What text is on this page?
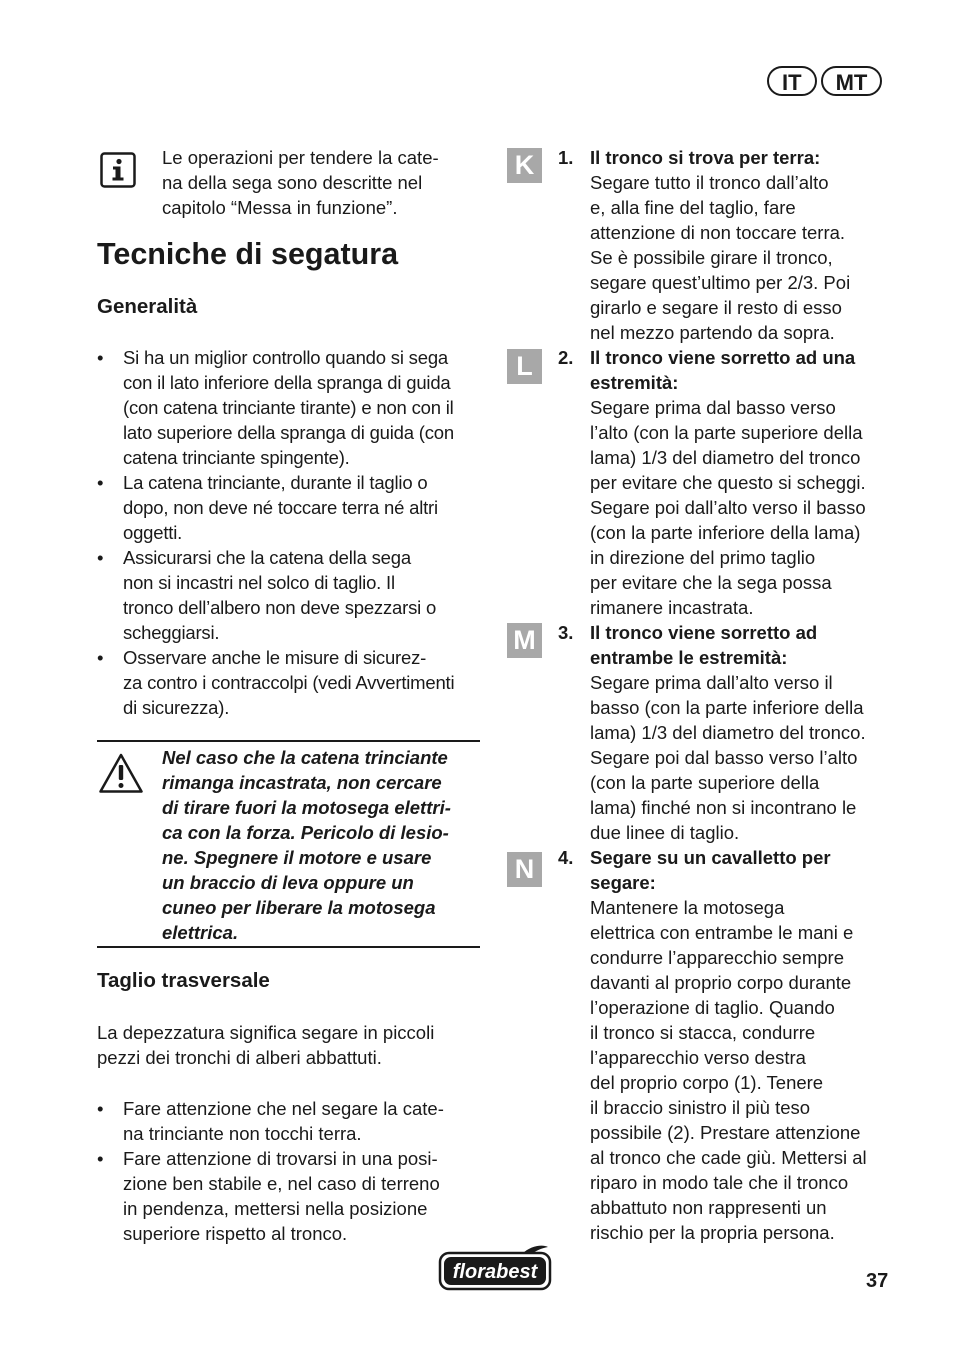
IT	MT
Le operazioni per tendere la cate-
na della sega sono descritte nel
capitolo “Messa in funzione”.
Tecniche di segatura
Generalità
• Si ha un miglior controllo quando si sega
con il lato inferiore della spranga di guida
(con catena trinciante tirante) e non con il
lato superiore della spranga di guida (con
catena trinciante spingente).
• La catena trinciante, durante il taglio o
dopo, non deve né toccare terra né altri
oggetti.
• Assicurarsi che la catena della sega
non si incastri nel solco di taglio. Il
tronco dell’albero non deve spezzarsi o
scheggiarsi.
• Osservare anche le misure di sicurez-
za contro i contraccolpi (vedi Avvertimenti
di sicurezza).
Nel caso che la catena trinciante
rimanga incastrata, non cercare
di tirare fuori la motosega elettri-
ca con la forza. Pericolo di lesio-
ne. Spegnere il motore e usare
un braccio di leva oppure un
cuneo per liberare la motosega
elettrica.
Taglio trasversale
La depezzatura significa segare in piccoli
pezzi dei tronchi di alberi abbattuti.
• Fare attenzione che nel segare la cate-
na trinciante non tocchi terra.
• Fare attenzione di trovarsi in una posi-
zione ben stabile e, nel caso di terreno
in pendenza, mettersi nella posizione
superiore rispetto al tronco.
K	1. Il tronco si trova per terra:
Segare tutto il tronco dall’alto
e, alla fine del taglio, fare
attenzione di non toccare terra.
Se è possibile girare il tronco,
segare quest’ultimo per 2/3. Poi
girarlo e segare il resto di esso
nel mezzo partendo da sopra.
L	2. Il tronco viene sorretto ad una
estremità:
Segare prima dal basso verso
l’alto (con la parte superiore della
lama) 1/3 del diametro del tronco
per evitare che questo si scheggi.
Segare poi dall’alto verso il basso
(con la parte inferiore della lama)
in direzione del primo taglio
per evitare che la sega possa
rimanere incastrata.
M	3. Il tronco viene sorretto ad
entrambe le estremità:
Segare prima dall’alto verso il
basso (con la parte inferiore della
lama) 1/3 del diametro del tronco.
Segare poi dal basso verso l’alto
(con la parte superiore della
lama) finché non si incontrano le
due linee di taglio.
N	4. Segare su un cavalletto per
segare:
Mantenere la motosega
elettrica con entrambe le mani e
condurre l’apparecchio sempre
davanti al proprio corpo durante
l’operazione di taglio. Quando
il tronco si stacca, condurre
l’apparecchio verso destra
del proprio corpo (1). Tenere
il braccio sinistro il più teso
possibile (2). Prestare attenzione
al tronco che cade giù. Mettersi al
riparo in modo tale che il tronco
abbattuto non rappresenti un
rischio per la propria persona.
florabest	37
